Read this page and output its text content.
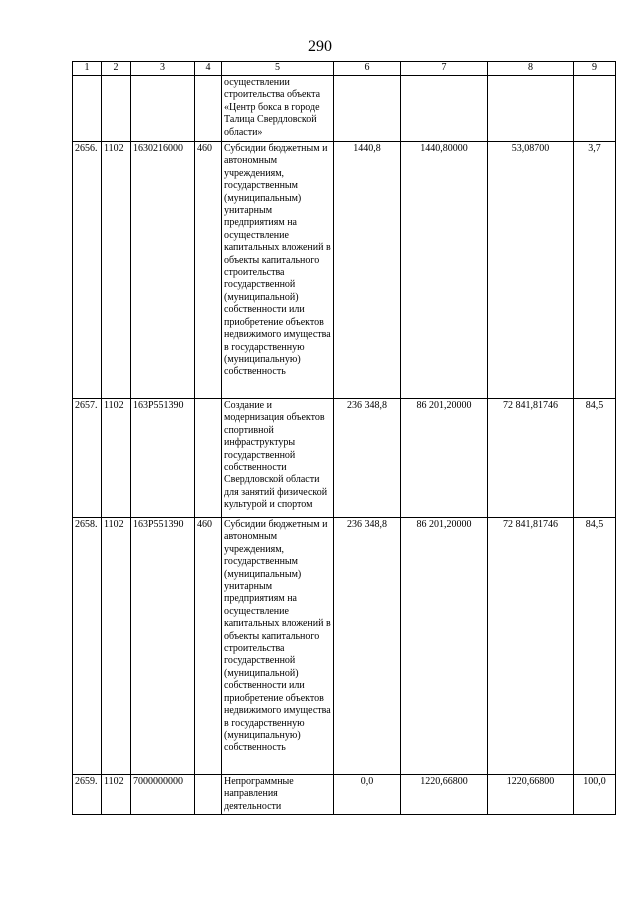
290
1	2	3	4	5	6	7	8	9
				осуществлении строительства объекта «Центр бокса в городе Талица Свердловской области»				
2656.	1102	1630216000	460	Субсидии бюджетным и автономным учреждениям, государственным (муниципальным) унитарным предприятиям на осуществление капитальных вложений в объекты капитального строительства государственной (муниципальной) собственности или приобретение объектов недвижимого имущества в государственную (муниципальную) собственность	1440,8	1440,80000	53,08700	3,7
2657.	1102	163P551390		Создание и модернизация объектов спортивной инфраструктуры государственной собственности Свердловской области для занятий физической культурой и спортом	236 348,8	86 201,20000	72 841,81746	84,5
2658.	1102	163P551390	460	Субсидии бюджетным и автономным учреждениям, государственным (муниципальным) унитарным предприятиям на осуществление капитальных вложений в объекты капитального строительства государственной (муниципальной) собственности или приобретение объектов недвижимого имущества в государственную (муниципальную) собственность	236 348,8	86 201,20000	72 841,81746	84,5
2659.	1102	7000000000		Непрограммные направления деятельности	0,0	1220,66800	1220,66800	100,0
